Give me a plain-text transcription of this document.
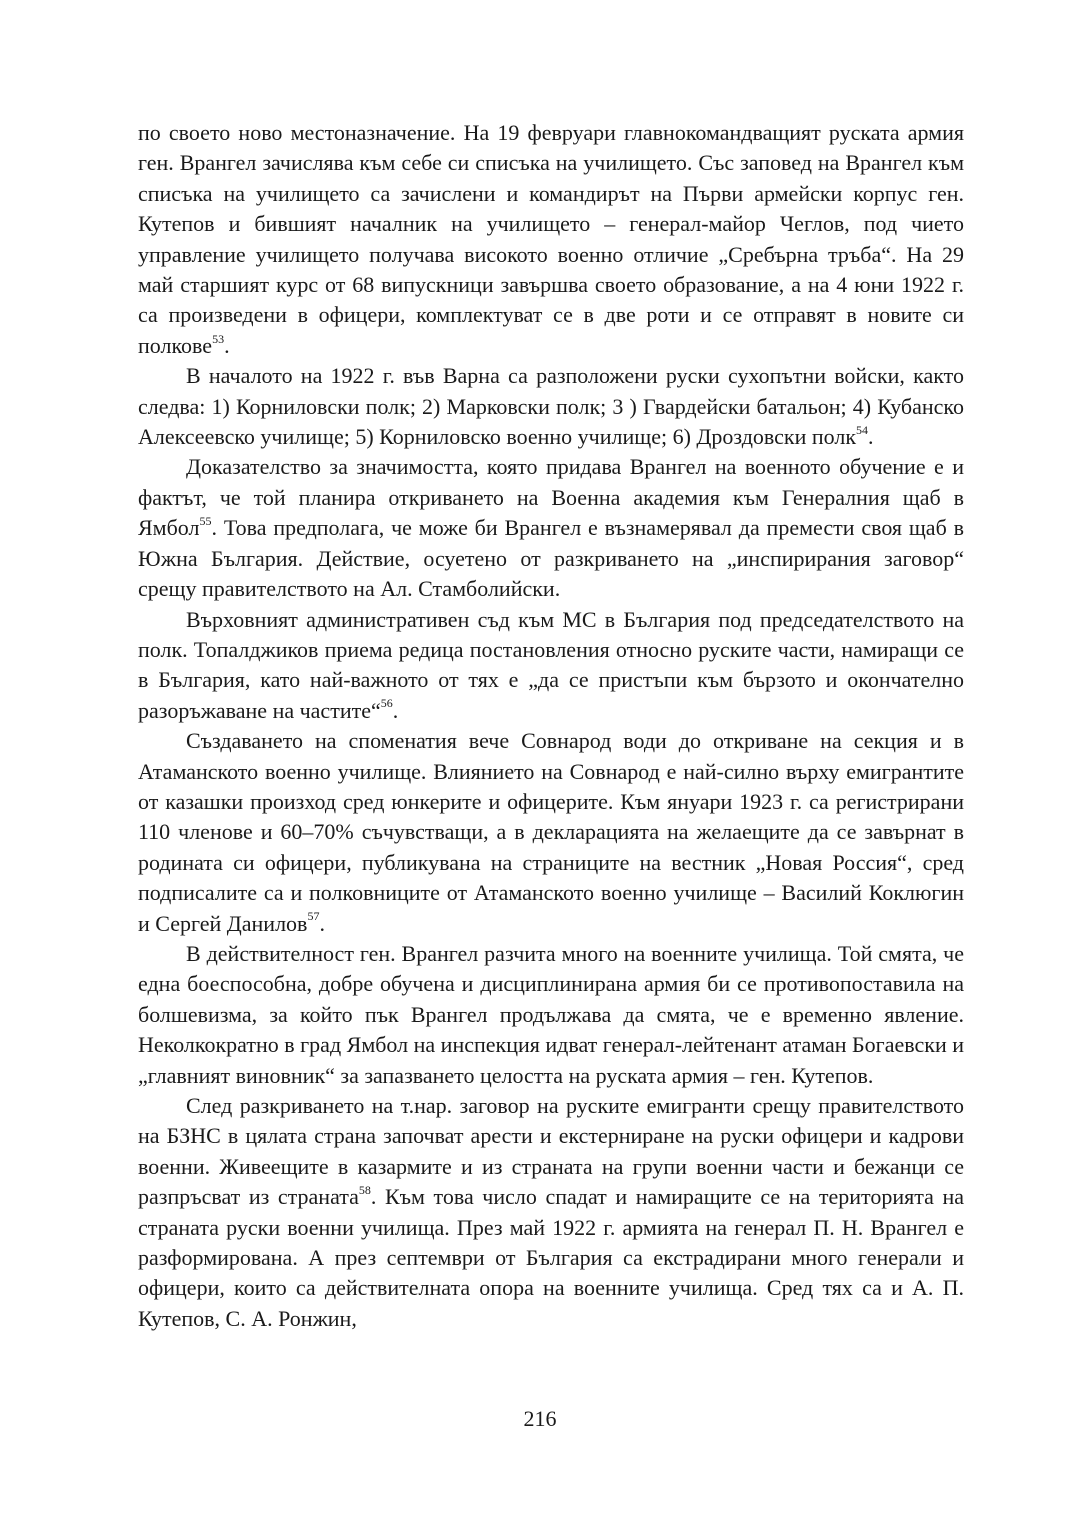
по своето ново местоназначение. На 19 февруари главнокомандващият руската армия ген. Врангел зачислява към себе си списъка на училището. Със заповед на Врангел към списъка на училището са зачислени и командирът на Първи армейски корпус ген. Кутепов и бившият началник на училището – генерал-майор Чеглов, под чието управление училището получава високото военно отличие „Сребърна тръба“. На 29 май старшият курс от 68 випускници завършва своето образование, а на 4 юни 1922 г. са произведени в офицери, комплектуват се в две роти и се отправят в новите си полкове$^{53}$.

В началото на 1922 г. във Варна са разположени руски сухопътни войски, както следва: 1) Корниловски полк; 2) Марковски полк; 3 ) Гвардейски батальон; 4) Кубанско Алексеевско училище; 5) Корниловско военно училище; 6) Дроздовски полк$^{54}$.

Доказателство за значимостта, която придава Врангел на военното обучение е и фактът, че той планира откриването на Военна академия към Генералния щаб в Ямбол$^{55}$. Това предполага, че може би Врангел е възнамерявал да премести своя щаб в Южна България. Действие, осуетено от разкриването на „инспирирания заговор“ срещу правителството на Ал. Стамболийски.

Върховният административен съд към МС в България под председателството на полк. Топалджиков приема редица постановления относно руските части, намиращи се в България, като най-важното от тях е „да се пристъпи към бързото и окончателно разоръжаване на частите“$^{56}$.

Създаването на споменатия вече Совнарод води до откриване на секция и в Атаманското военно училище. Влиянието на Совнарод е най-силно върху емигрантите от казашки произход сред юнкерите и офицерите. Към януари 1923 г. са регистрирани 110 членове и 60–70% съчувстващи, а в декларацията на желаещите да се завърнат в родината си офицери, публикувана на страниците на вестник „Новая Россия“, сред подписалите са и полковниците от Атаманското военно училище – Василий Коклюгин и Сергей Данилов$^{57}$.

В действителност ген. Врангел разчита много на военните училища. Той смята, че една боеспособна, добре обучена и дисциплинирана армия би се противопоставила на болшевизма, за който пък Врангел продължава да смята, че е временно явление. Неколкократно в град Ямбол на инспекция идват генерал-лейтенант атаман Богаевски и „главният виновник“ за запазването целостта на руската армия – ген. Кутепов.

След разкриването на т.нар. заговор на руските емигранти срещу правителството на БЗНС в цялата страна започват арести и екстерниране на руски офицери и кадрови военни. Живеещите в казармите и из страната на групи военни части и бежанци се разпръсват из страната$^{58}$. Към това число спадат и намиращите се на територията на страната руски военни училища. През май 1922 г. армията на генерал П. Н. Врангел е разформирована. А през септември от България са екстрадирани много генерали и офицери, които са действителната опора на военните училища. Сред тях са и А. П. Кутепов, С. А. Ронжин,

216
